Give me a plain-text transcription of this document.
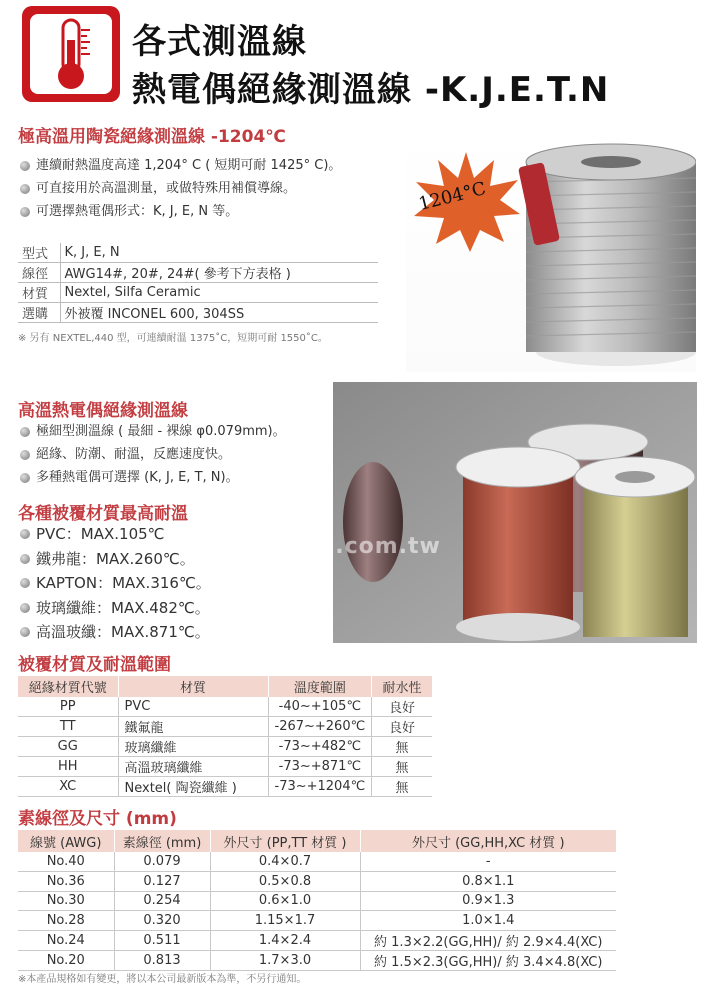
各式測溫線
熱電偶絕緣測溫線 -K.J.E.T.N
極高溫用陶瓷絕緣測溫線 -1204℃
連續耐熱溫度高達 1,204° C ( 短期可耐 1425° C)。
可直接用於高溫測量，或做特殊用補償導線。
可選擇熱電偶形式：K, J, E, N 等。
型式	K, J, E, N
線徑	AWG14#, 20#, 24#( 參考下方表格 )
材質	Nextel, Silfa Ceramic
選購	外被覆 INCONEL 600, 304SS
※ 另有 NEXTEL,440 型，可連續耐溫 1375˚C，短期可耐 1550˚C。
1204°C
高溫熱電偶絕緣測溫線
極細型測溫線 ( 最細 - 裸線 φ0.079mm)。
絕緣、防潮、耐溫，反應速度快。
多種熱電偶可選擇 (K, J, E, T, N)。
wheins.com.tw
各種被覆材質最高耐溫
PVC：MAX.105℃
鐵弗龍：MAX.260℃。
KAPTON：MAX.316℃。
玻璃纖維：MAX.482℃。
高溫玻纖：MAX.871℃。
被覆材質及耐溫範圍
絕緣材質代號	材質	溫度範圍	耐水性
PP	PVC	-40~+105℃	良好
TT	鐵氟龍	-267~+260℃	良好
GG	玻璃纖維	-73~+482℃	無
HH	高溫玻璃纖維	-73~+871℃	無
XC	Nextel( 陶瓷纖維 )	-73~+1204℃	無
素線徑及尺寸 (mm)
線號 (AWG)	素線徑 (mm)	外尺寸 (PP,TT 材質 )	外尺寸 (GG,HH,XC 材質 )
No.40	0.079	0.4×0.7	-
No.36	0.127	0.5×0.8	0.8×1.1
No.30	0.254	0.6×1.0	0.9×1.3
No.28	0.320	1.15×1.7	1.0×1.4
No.24	0.511	1.4×2.4	約 1.3×2.2(GG,HH)/ 約 2.9×4.4(XC)
No.20	0.813	1.7×3.0	約 1.5×2.3(GG,HH)/ 約 3.4×4.8(XC)
※本產品規格如有變更，將以本公司最新版本為準，不另行通知。
